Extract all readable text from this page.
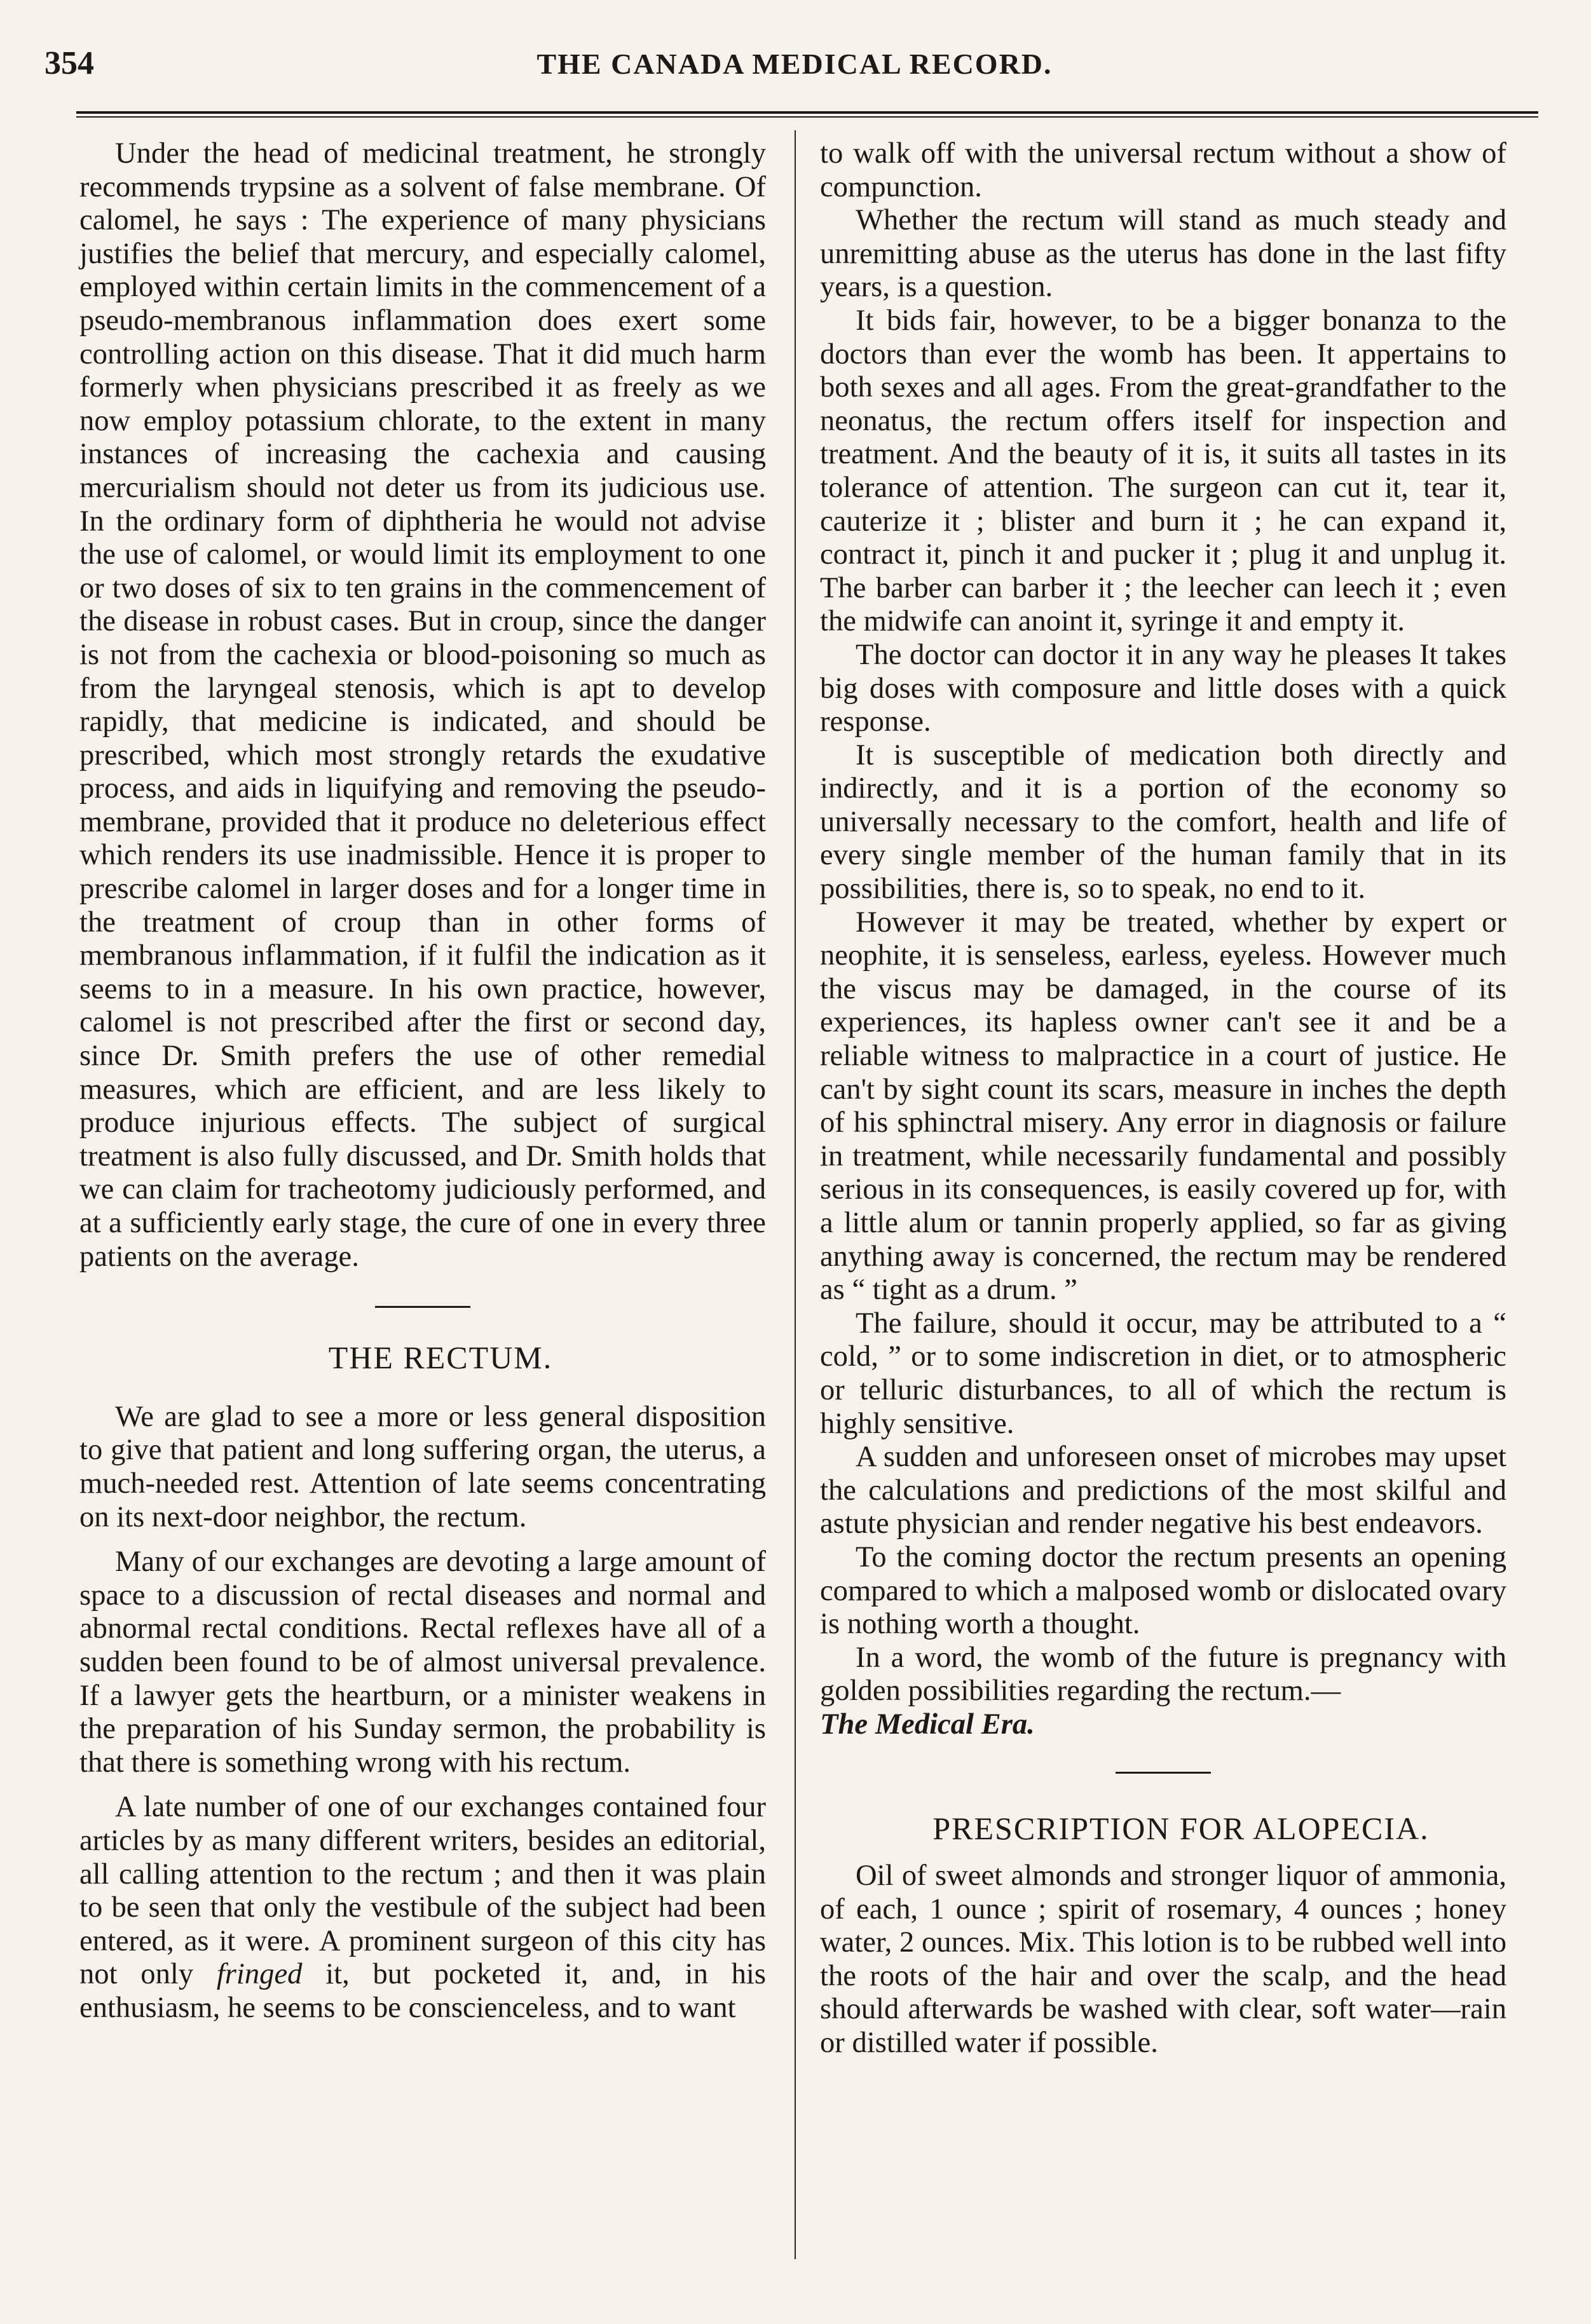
354	THE CANADA MEDICAL RECORD.

Under the head of medicinal treatment, he strongly recommends trypsine as a solvent of false membrane. Of calomel, he says : The experience of many physicians justifies the belief that mercury, and especially calomel, employed within certain limits in the commencement of a pseudo-membranous inflammation does exert some controlling action on this disease. That it did much harm formerly when physicians prescribed it as freely as we now employ potassium chlorate, to the extent in many instances of increasing the cachexia and causing mercurialism should not deter us from its judicious use. In the ordinary form of diphtheria he would not advise the use of calomel, or would limit its employment to one or two doses of six to ten grains in the commencement of the disease in robust cases. But in croup, since the danger is not from the cachexia or blood-poisoning so much as from the laryngeal stenosis, which is apt to develop rapidly, that medicine is indicated, and should be prescribed, which most strongly retards the exudative process, and aids in liquifying and removing the pseudo-membrane, provided that it produce no deleterious effect which renders its use inadmissible. Hence it is proper to prescribe calomel in larger doses and for a longer time in the treatment of croup than in other forms of membranous inflammation, if it fulfil the indication as it seems to in a measure. In his own practice, however, calomel is not prescribed after the first or second day, since Dr. Smith prefers the use of other remedial measures, which are efficient, and are less likely to produce injurious effects. The subject of surgical treatment is also fully discussed, and Dr. Smith holds that we can claim for tracheotomy judiciously performed, and at a sufficiently early stage, the cure of one in every three patients on the average.

THE RECTUM.

We are glad to see a more or less general disposition to give that patient and long suffering organ, the uterus, a much-needed rest. Attention of late seems concentrating on its next-door neighbor, the rectum.

Many of our exchanges are devoting a large amount of space to a discussion of rectal diseases and normal and abnormal rectal conditions. Rectal reflexes have all of a sudden been found to be of almost universal prevalence. If a lawyer gets the heartburn, or a minister weakens in the preparation of his Sunday sermon, the probability is that there is something wrong with his rectum.

A late number of one of our exchanges contained four articles by as many different writers, besides an editorial, all calling attention to the rectum ; and then it was plain to be seen that only the vestibule of the subject had been entered, as it were. A prominent surgeon of this city has not only fringed it, but pocketed it, and, in his enthusiasm, he seems to be conscienceless, and to want

to walk off with the universal rectum without a show of compunction.

Whether the rectum will stand as much steady and unremitting abuse as the uterus has done in the last fifty years, is a question.

It bids fair, however, to be a bigger bonanza to the doctors than ever the womb has been. It appertains to both sexes and all ages. From the great-grandfather to the neonatus, the rectum offers itself for inspection and treatment. And the beauty of it is, it suits all tastes in its tolerance of attention. The surgeon can cut it, tear it, cauterize it ; blister and burn it ; he can expand it, contract it, pinch it and pucker it ; plug it and unplug it. The barber can barber it ; the leecher can leech it ; even the midwife can anoint it, syringe it and empty it.

The doctor can doctor it in any way he pleases It takes big doses with composure and little doses with a quick response.

It is susceptible of medication both directly and indirectly, and it is a portion of the economy so universally necessary to the comfort, health and life of every single member of the human family that in its possibilities, there is, so to speak, no end to it.

However it may be treated, whether by expert or neophite, it is senseless, earless, eyeless. However much the viscus may be damaged, in the course of its experiences, its hapless owner can't see it and be a reliable witness to malpractice in a court of justice. He can't by sight count its scars, measure in inches the depth of his sphinctral misery. Any error in diagnosis or failure in treatment, while necessarily fundamental and possibly serious in its consequences, is easily covered up for, with a little alum or tannin properly applied, so far as giving anything away is concerned, the rectum may be rendered as “ tight as a drum. ”

The failure, should it occur, may be attributed to a “ cold, ” or to some indiscretion in diet, or to atmospheric or telluric disturbances, to all of which the rectum is highly sensitive.

A sudden and unforeseen onset of microbes may upset the calculations and predictions of the most skilful and astute physician and render negative his best endeavors.

To the coming doctor the rectum presents an opening compared to which a malposed womb or dislocated ovary is nothing worth a thought.

In a word, the womb of the future is pregnancy with golden possibilities regarding the rectum.—
The Medical Era.

PRESCRIPTION FOR ALOPECIA.

Oil of sweet almonds and stronger liquor of ammonia, of each, 1 ounce ; spirit of rosemary, 4 ounces ; honey water, 2 ounces. Mix. This lotion is to be rubbed well into the roots of the hair and over the scalp, and the head should afterwards be washed with clear, soft water—rain or distilled water if possible.
